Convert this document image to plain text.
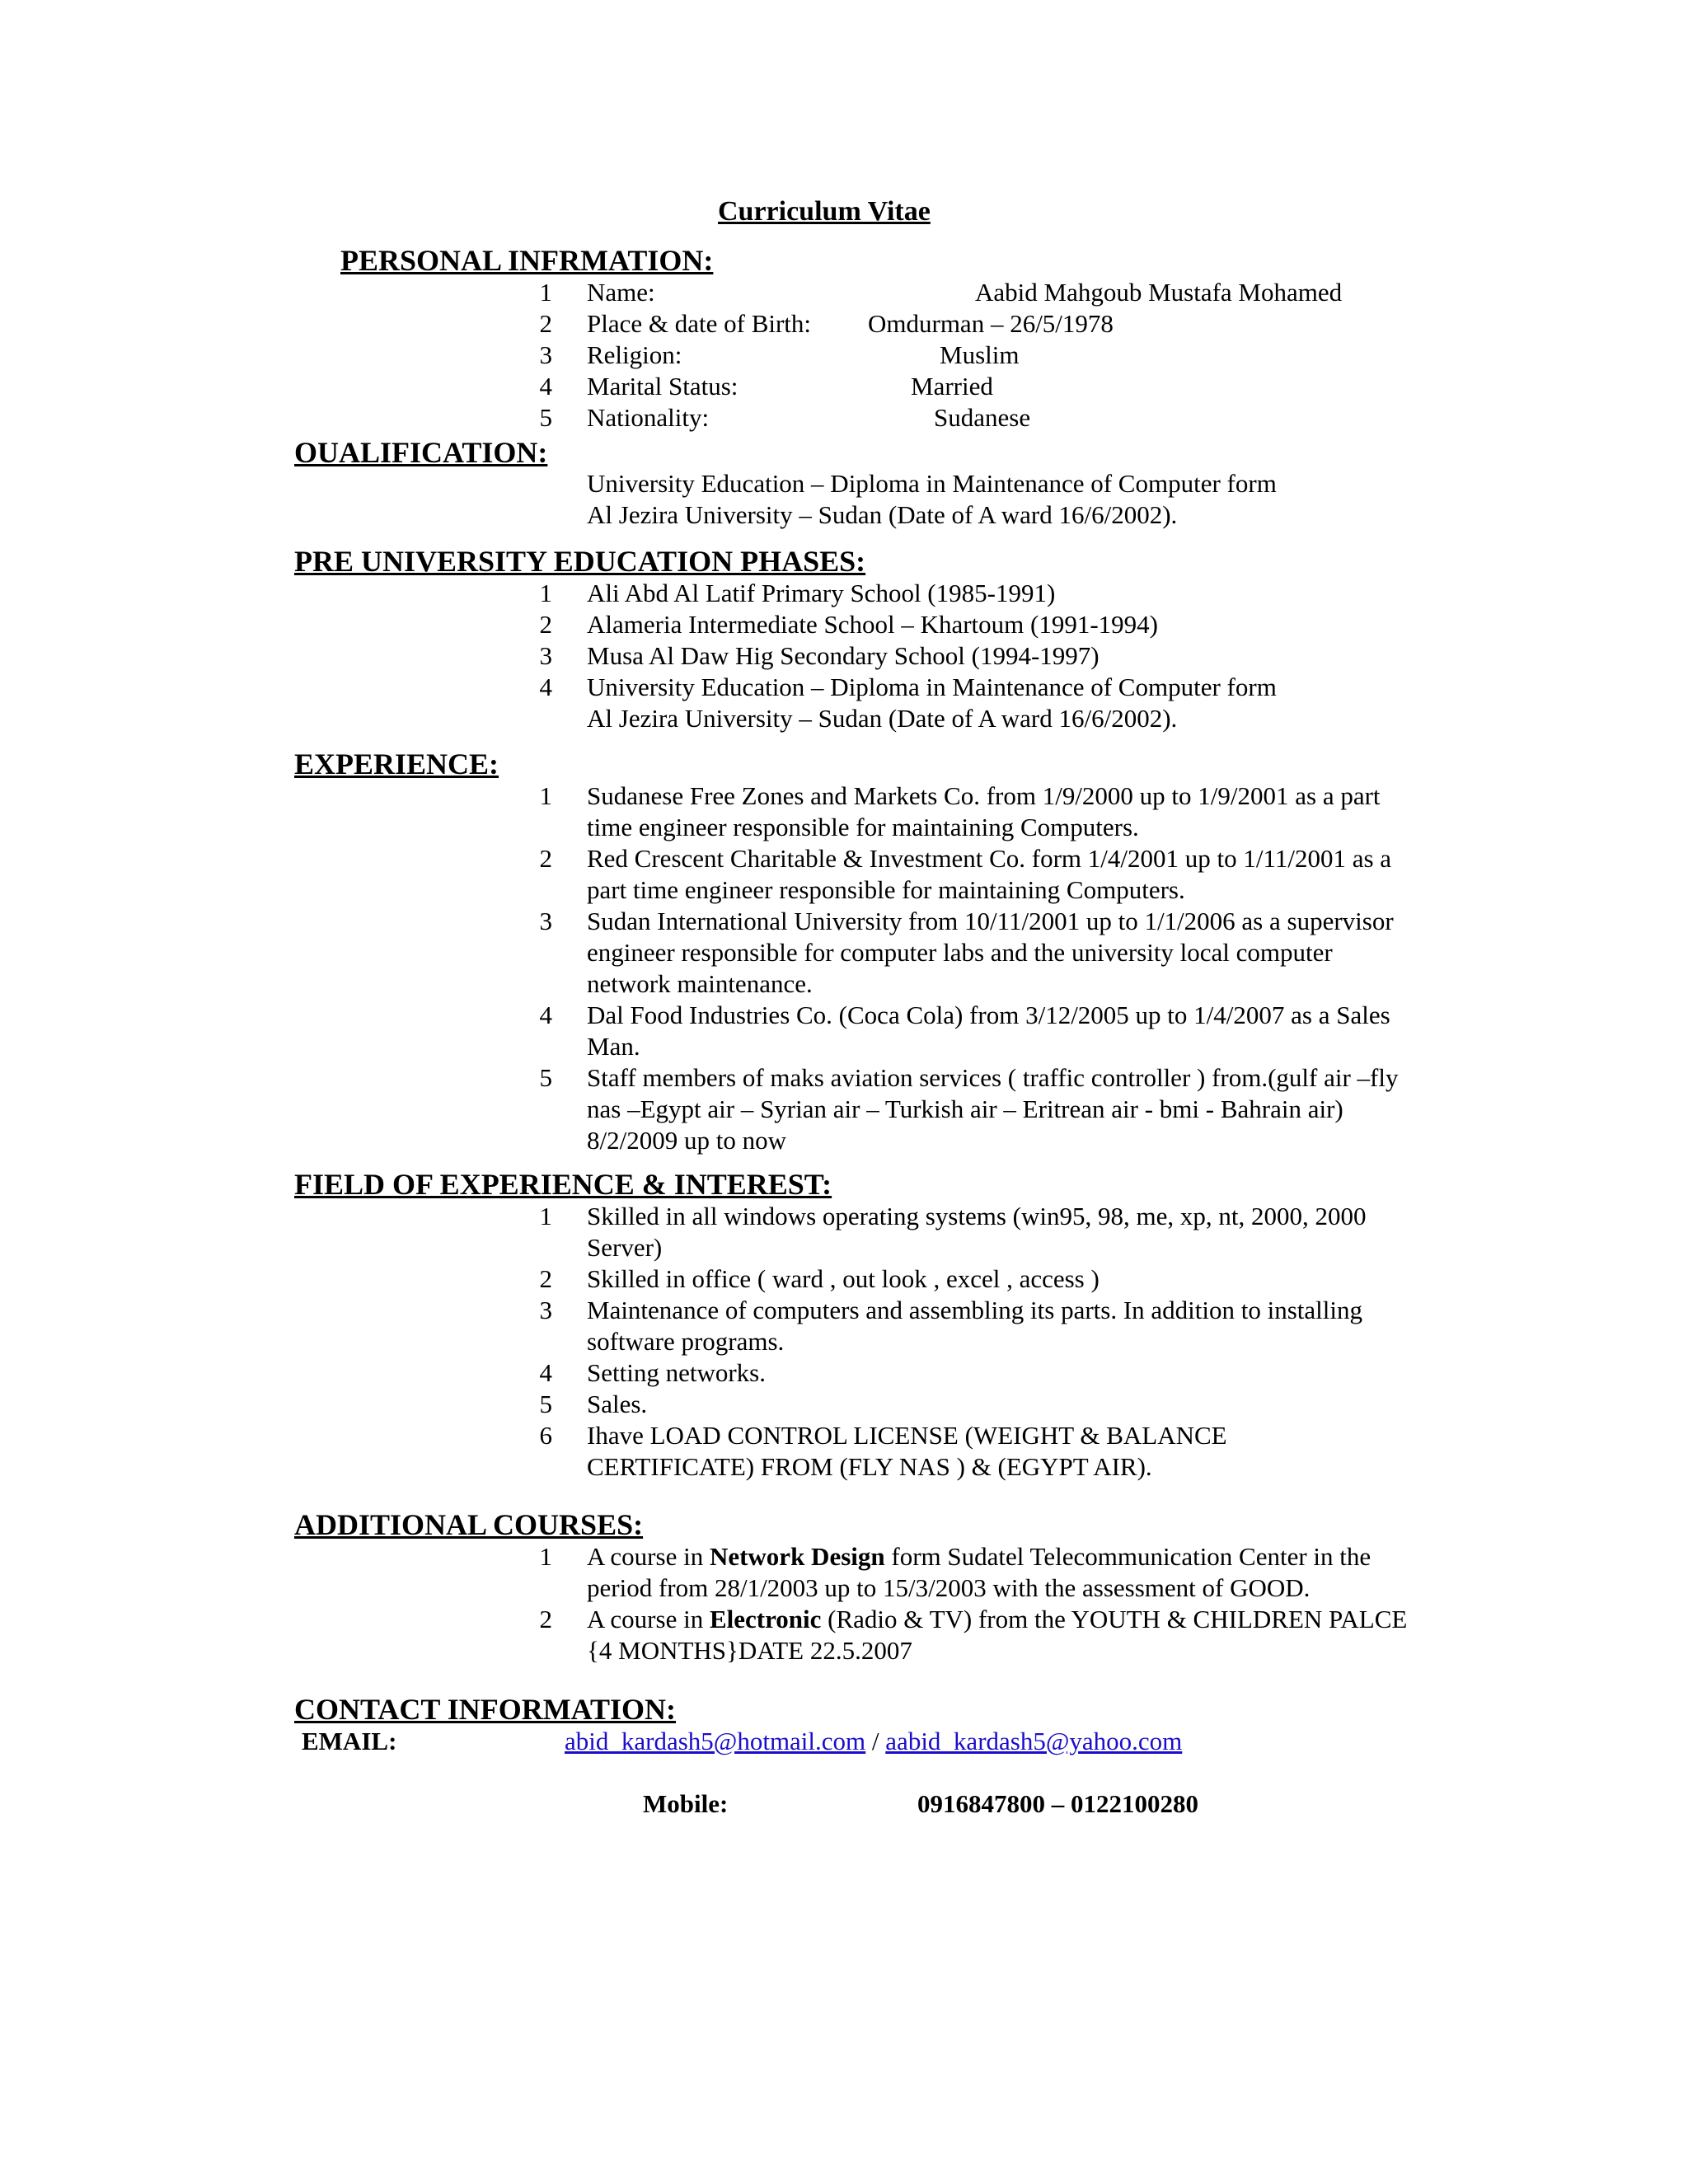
Curriculum Vitae
PERSONAL INFRMATION:
1 Name:	Aabid Mahgoub Mustafa Mohamed
2 Place & date of Birth: Omdurman – 26/5/1978
3 Religion:	Muslim
4 Marital Status:	Married
5 Nationality:	Sudanese
OUALIFICATION:
University Education – Diploma in Maintenance of Computer form
Al Jezira University – Sudan (Date of A ward 16/6/2002).
PRE UNIVERSITY EDUCATION PHASES:
1 Ali Abd Al Latif Primary School (1985-1991)
2 Alameria Intermediate School – Khartoum (1991-1994)
3 Musa Al Daw Hig Secondary School (1994-1997)
4 University Education – Diploma in Maintenance of Computer form
Al Jezira University – Sudan (Date of A ward 16/6/2002).
EXPERIENCE:
1 Sudanese Free Zones and Markets Co. from 1/9/2000 up to 1/9/2001 as a part
time engineer responsible for maintaining Computers.
2 Red Crescent Charitable & Investment Co. form 1/4/2001 up to 1/11/2001 as a
part time engineer responsible for maintaining Computers.
3 Sudan International University from 10/11/2001 up to 1/1/2006 as a supervisor
engineer responsible for computer labs and the university local computer
network maintenance.
4 Dal Food Industries Co. (Coca Cola) from 3/12/2005 up to 1/4/2007 as a Sales
Man.
5 Staff members of maks aviation services ( traffic controller ) from.(gulf air –fly
nas –Egypt air – Syrian air – Turkish air – Eritrean air - bmi - Bahrain air)
8/2/2009 up to now
FIELD OF EXPERIENCE & INTEREST:
1 Skilled in all windows operating systems (win95, 98, me, xp, nt, 2000, 2000
Server)
2 Skilled in office ( ward , out look , excel , access )
3 Maintenance of computers and assembling its parts. In addition to installing
software programs.
4 Setting networks.
5 Sales.
6 Ihave LOAD CONTROL LICENSE (WEIGHT & BALANCE
CERTIFICATE) FROM (FLY NAS ) & (EGYPT AIR).
ADDITIONAL COURSES:
1 A course in Network Design form Sudatel Telecommunication Center in the
period from 28/1/2003 up to 15/3/2003 with the assessment of GOOD.
2 A course in Electronic (Radio & TV) from the YOUTH & CHILDREN PALCE
{4 MONTHS}DATE 22.5.2007
CONTACT INFORMATION:
EMAIL:	abid_kardash5@hotmail.com / aabid_kardash5@yahoo.com
Mobile:	0916847800 – 0122100280
